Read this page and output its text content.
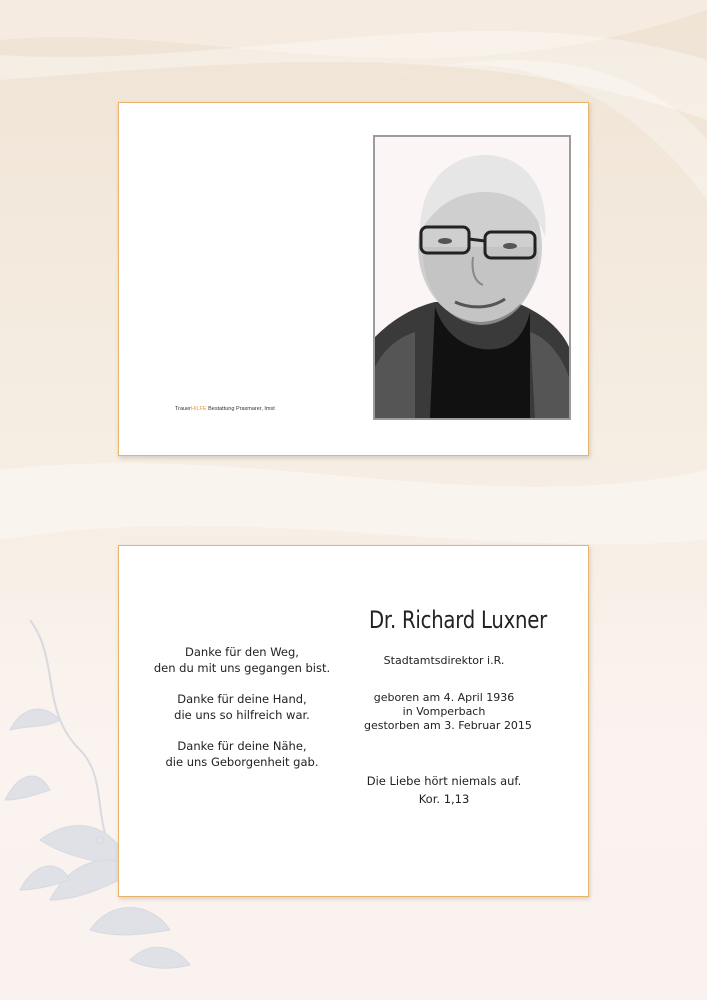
TrauerHILFE Bestattung Praxmarer, Imst
Danke für den Weg,
den du mit uns gegangen bist.
Danke für deine Hand,
die uns so hilfreich war.
Danke für deine Nähe,
die uns Geborgenheit gab.
Dr. Richard Luxner
Stadtamtsdirektor i.R.
geboren am 4. April 1936
in Vomperbach
gestorben am 3. Februar 2015
Die Liebe hört niemals auf.
Kor. 1,13
